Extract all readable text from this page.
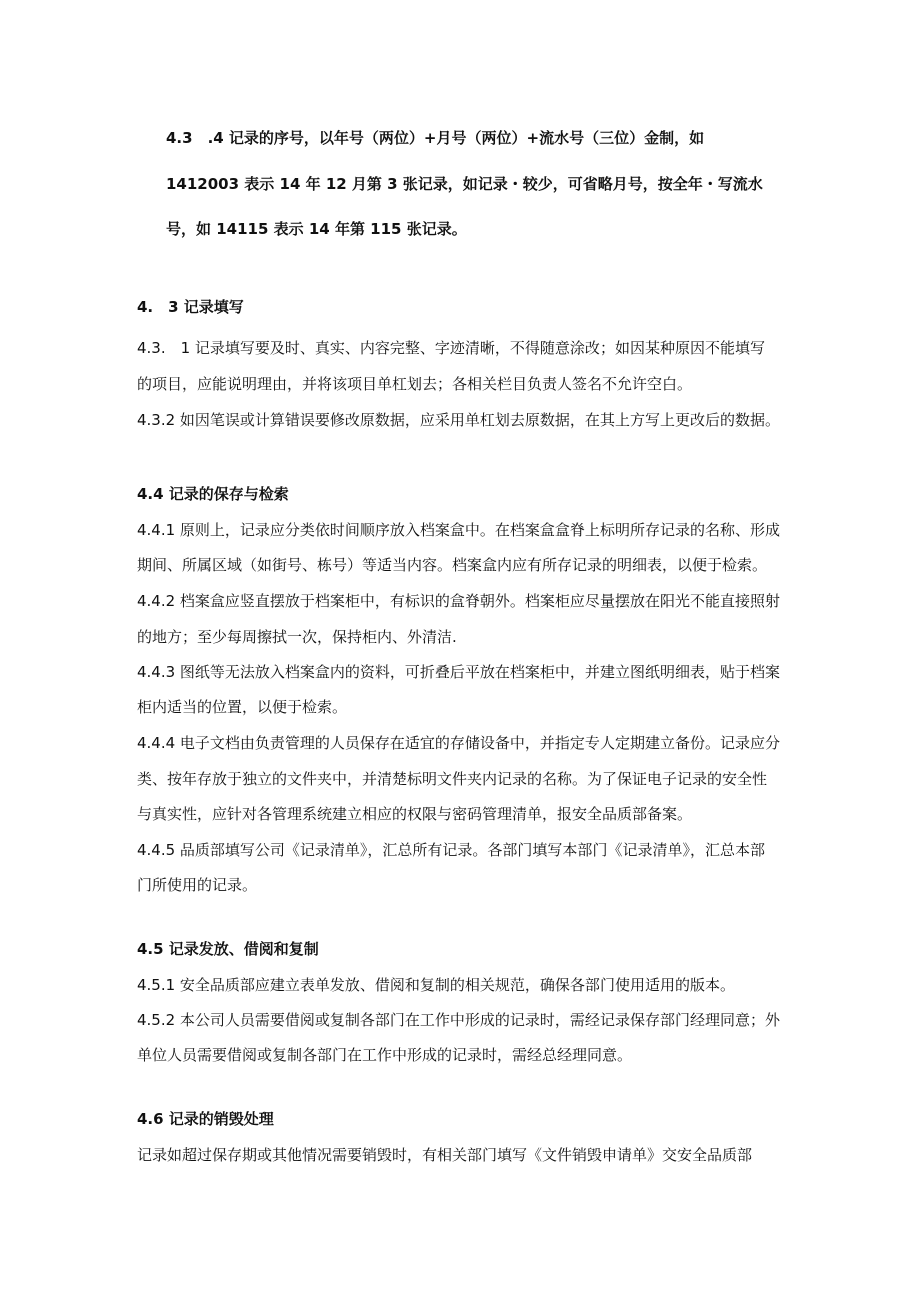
4.3　.4 记录的序号，以年号（两位）+月号（两位）+流水号（三位）金制，如

1412003 表示 14 年 12 月第 3 张记录，如记录・较少，可省略月号，按全年・写流水

号，如 14115 表示 14 年第 115 张记录。

4.　3 记录填写

4.3.　1 记录填写要及时、真实、内容完整、字迹清晰，不得随意涂改；如因某种原因不能填写

的项目，应能说明理由，并将该项目单杠划去；各相关栏目负责人签名不允许空白。

4.3.2 如因笔误或计算错误要修改原数据，应采用单杠划去原数据，在其上方写上更改后的数据。

4.4 记录的保存与检索

4.4.1 原则上，记录应分类依时间顺序放入档案盒中。在档案盒盒脊上标明所存记录的名称、形成

期间、所属区域（如街号、栋号）等适当内容。档案盒内应有所存记录的明细表，以便于检索。

4.4.2 档案盒应竖直摆放于档案柜中，有标识的盒脊朝外。档案柜应尽量摆放在阳光不能直接照射

的地方；至少每周擦拭一次，保持柜内、外清洁.

4.4.3 图纸等无法放入档案盒内的资料，可折叠后平放在档案柜中，并建立图纸明细表，贴于档案

柜内适当的位置，以便于检索。

4.4.4 电子文档由负责管理的人员保存在适宜的存储设备中，并指定专人定期建立备份。记录应分

类、按年存放于独立的文件夹中，并清楚标明文件夹内记录的名称。为了保证电子记录的安全性

与真实性，应针对各管理系统建立相应的权限与密码管理清单，报安全品质部备案。

4.4.5 品质部填写公司《记录清单》，汇总所有记录。各部门填写本部门《记录清单》，汇总本部

门所使用的记录。

4.5 记录发放、借阅和复制

4.5.1 安全品质部应建立表单发放、借阅和复制的相关规范，确保各部门使用适用的版本。

4.5.2 本公司人员需要借阅或复制各部门在工作中形成的记录时，需经记录保存部门经理同意；外

单位人员需要借阅或复制各部门在工作中形成的记录时，需经总经理同意。

4.6 记录的销毁处理

记录如超过保存期或其他情况需要销毁时，有相关部门填写《文件销毁申请单》交安全品质部
